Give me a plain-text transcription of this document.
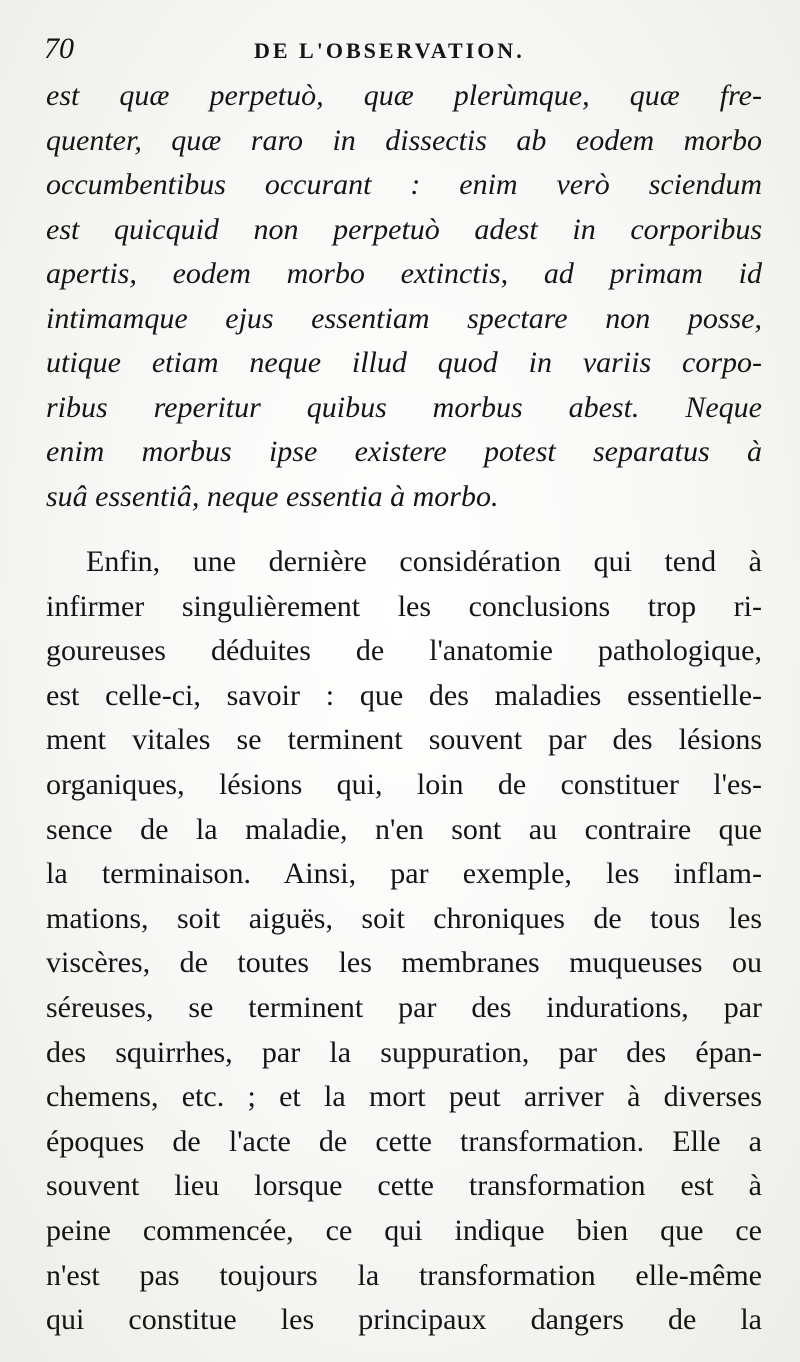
70	DE L'OBSERVATION.
est quæ perpetuò, quæ plerùmque, quæ fre-
quenter, quæ raro in dissectis ab eodem morbo
occumbentibus occurant : enim verò sciendum
est quicquid non perpetuò adest in corporibus
apertis, eodem morbo extinctis, ad primam id
intimamque ejus essentiam spectare non posse,
utique etiam neque illud quod in variis corpo-
ribus reperitur quibus morbus abest. Neque
enim morbus ipse existere potest separatus à
suâ essentiâ, neque essentia à morbo.
Enfin, une dernière considération qui tend à
infirmer singulièrement les conclusions trop ri-
goureuses déduites de l'anatomie pathologique,
est celle-ci, savoir : que des maladies essentielle-
ment vitales se terminent souvent par des lésions
organiques, lésions qui, loin de constituer l'es-
sence de la maladie, n'en sont au contraire que
la terminaison. Ainsi, par exemple, les inflam-
mations, soit aiguës, soit chroniques de tous les
viscères, de toutes les membranes muqueuses ou
séreuses, se terminent par des indurations, par
des squirrhes, par la suppuration, par des épan-
chemens, etc. ; et la mort peut arriver à diverses
époques de l'acte de cette transformation. Elle a
souvent lieu lorsque cette transformation est à
peine commencée, ce qui indique bien que ce
n'est pas toujours la transformation elle-même
qui constitue les principaux dangers de la
